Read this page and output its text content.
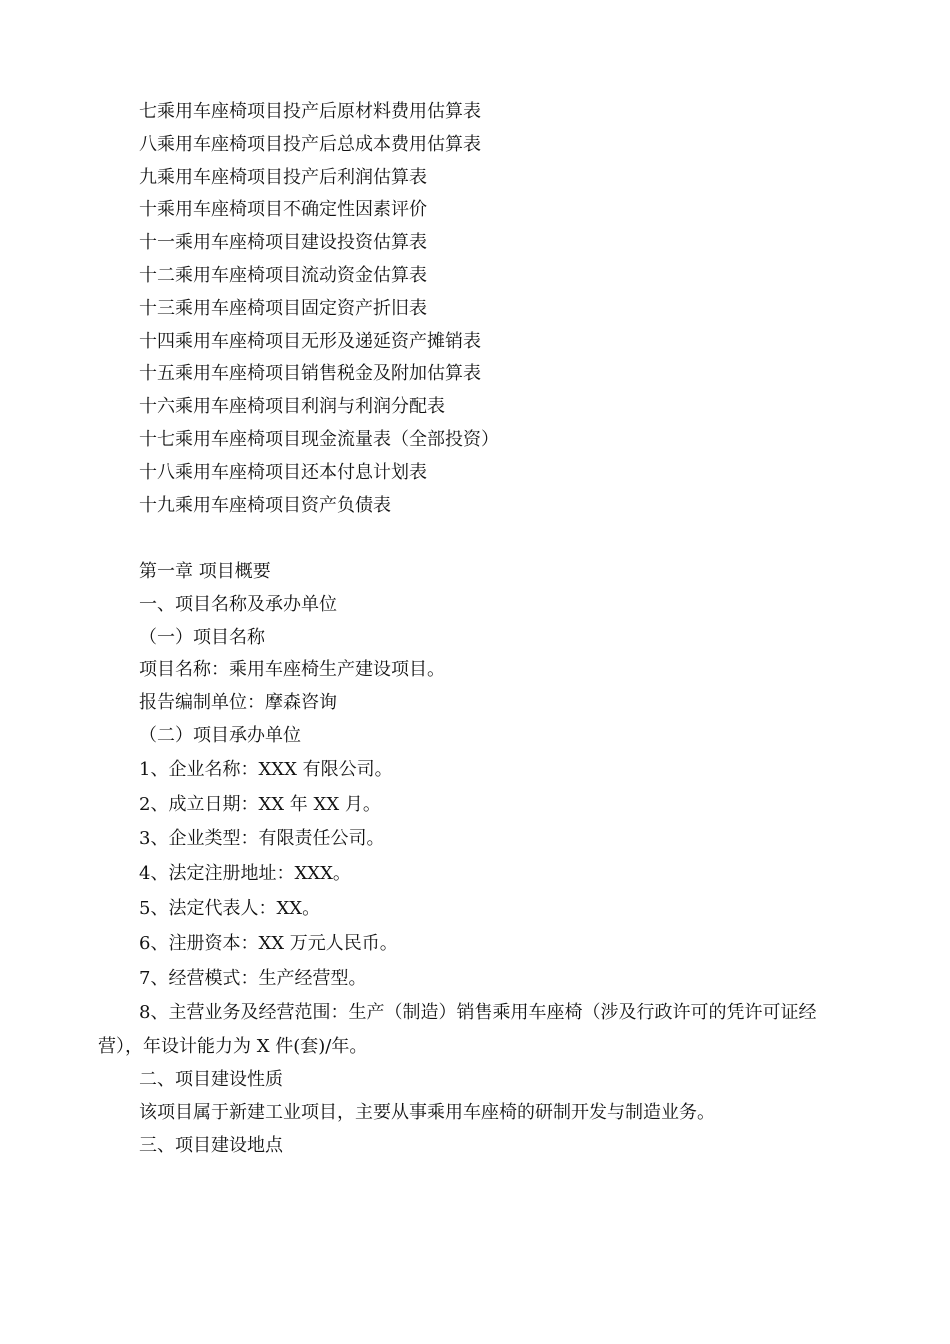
七乘用车座椅项目投产后原材料费用估算表
八乘用车座椅项目投产后总成本费用估算表
九乘用车座椅项目投产后利润估算表
十乘用车座椅项目不确定性因素评价
十一乘用车座椅项目建设投资估算表
十二乘用车座椅项目流动资金估算表
十三乘用车座椅项目固定资产折旧表
十四乘用车座椅项目无形及递延资产摊销表
十五乘用车座椅项目销售税金及附加估算表
十六乘用车座椅项目利润与利润分配表
十七乘用车座椅项目现金流量表（全部投资）
十八乘用车座椅项目还本付息计划表
十九乘用车座椅项目资产负债表
第一章 项目概要
一、项目名称及承办单位
（一）项目名称
项目名称：乘用车座椅生产建设项目。
报告编制单位：摩森咨询
（二）项目承办单位
1、企业名称：XXX 有限公司。
2、成立日期：XX 年 XX 月。
3、企业类型：有限责任公司。
4、法定注册地址：XXX。
5、法定代表人：XX。
6、注册资本：XX 万元人民币。
7、经营模式：生产经营型。
8、主营业务及经营范围：生产（制造）销售乘用车座椅（涉及行政许可的凭许可证经
营），年设计能力为 X 件(套)/年。
二、项目建设性质
该项目属于新建工业项目，主要从事乘用车座椅的研制开发与制造业务。
三、项目建设地点
